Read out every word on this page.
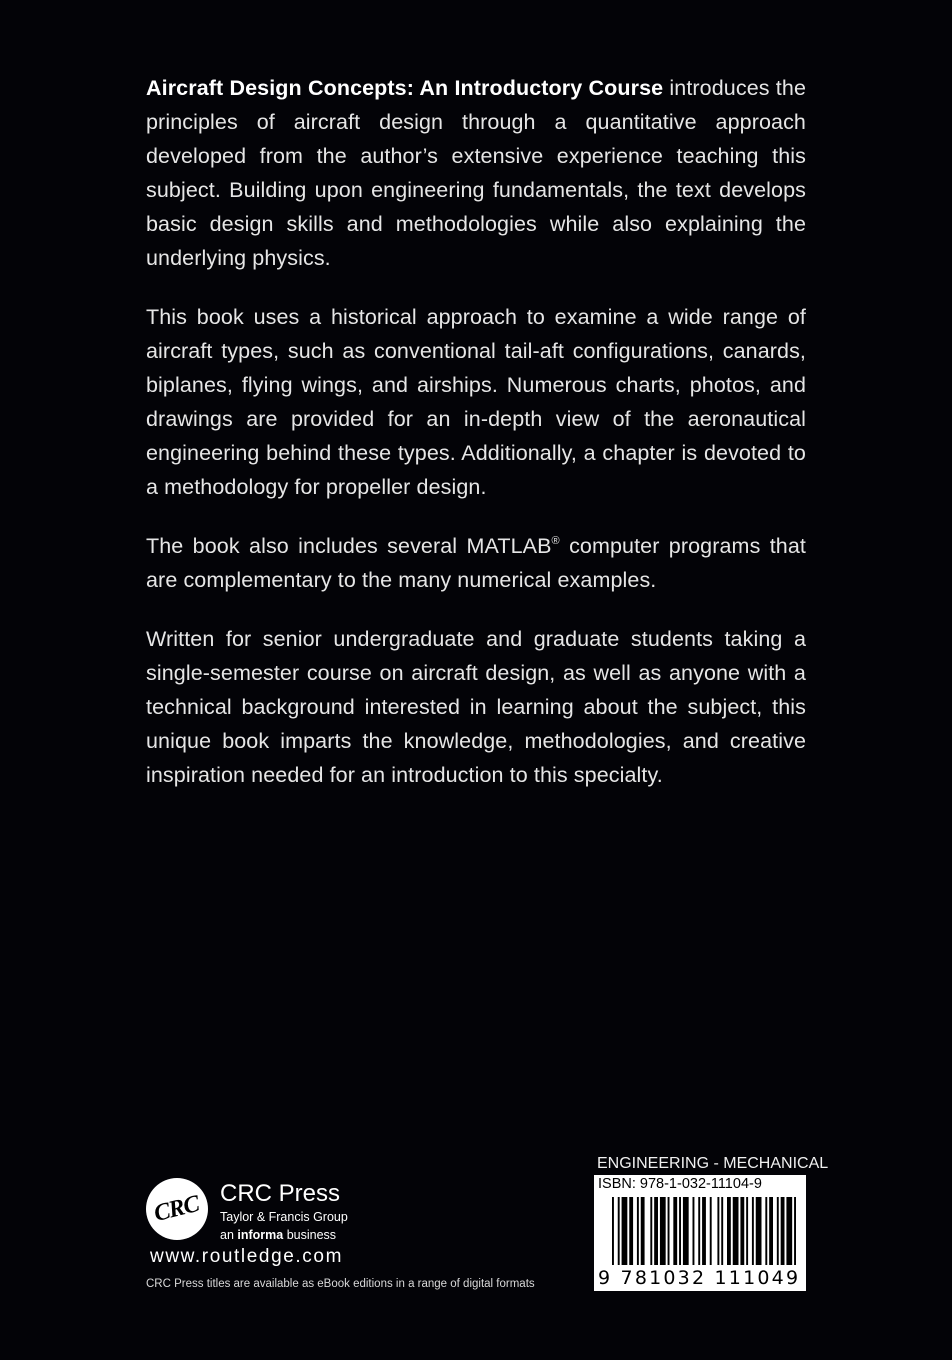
Aircraft Design Concepts: An Introductory Course introduces the principles of aircraft design through a quantitative approach developed from the author’s extensive experience teaching this subject. Building upon engineering fundamentals, the text develops basic design skills and methodologies while also explaining the underlying physics.

This book uses a historical approach to examine a wide range of aircraft types, such as conventional tail-aft configurations, canards, biplanes, flying wings, and airships. Numerous charts, photos, and drawings are provided for an in-depth view of the aeronautical engineering behind these types. Additionally, a chapter is devoted to a methodology for propeller design.

The book also includes several MATLAB® computer programs that are complementary to the many numerical examples.

Written for senior undergraduate and graduate students taking a single-semester course on aircraft design, as well as anyone with a technical background interested in learning about the subject, this unique book imparts the knowledge, methodologies, and creative inspiration needed for an introduction to this specialty.

CRC CRC Press
Taylor & Francis Group
an informa business
www.routledge.com
CRC Press titles are available as eBook editions in a range of digital formats
ENGINEERING - MECHANICAL
ISBN: 978-1-032-11104-9
9 781032 111049
